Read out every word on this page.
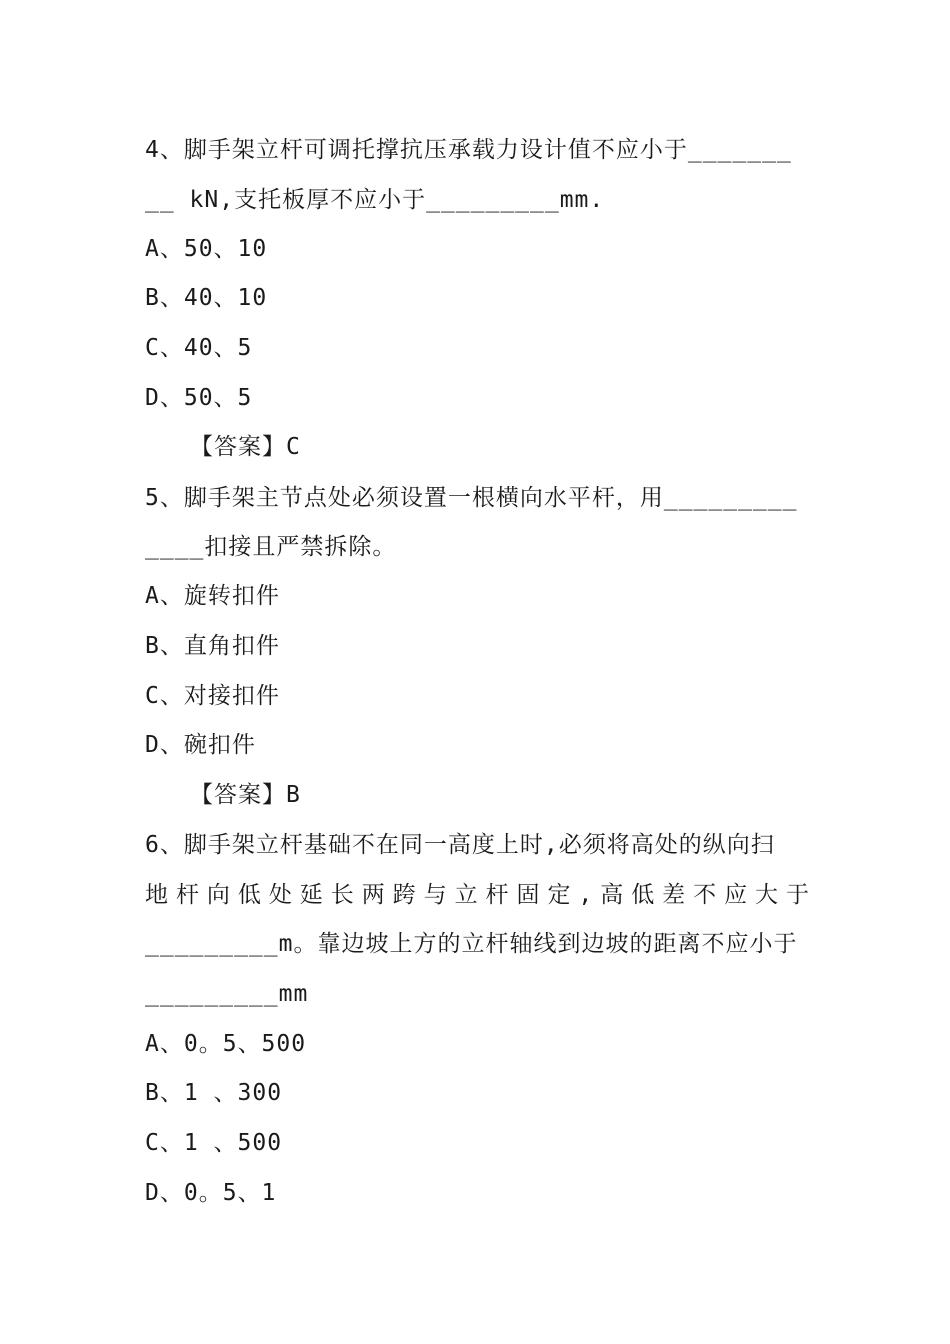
4、脚手架立杆可调托撑抗压承载力设计值不应小于_______
__ kN,支托板厚不应小于_________mm.
A、50、10
B、40、10
C、40、5
D、50、5
【答案】C
5、脚手架主节点处必须设置一根横向水平杆，用_________
____扣接且严禁拆除。
A、旋转扣件
B、直角扣件
C、对接扣件
D、碗扣件
【答案】B
6、脚手架立杆基础不在同一高度上时,必须将高处的纵向扫
地杆向低处延长两跨与立杆固定,高低差不应大于
_________m。靠边坡上方的立杆轴线到边坡的距离不应小于
_________mm
A、0。5、500
B、1 、300
C、1 、500
D、0。5、1
